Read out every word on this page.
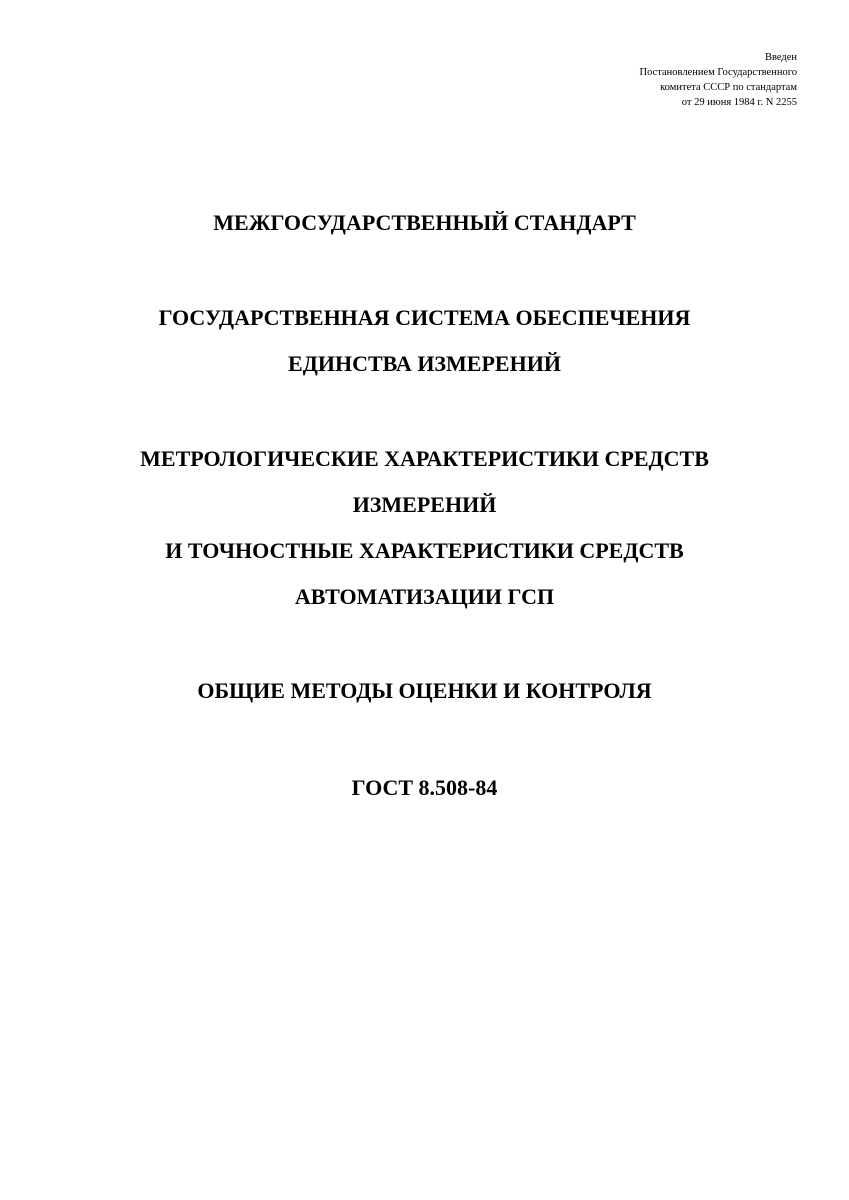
Введен
Постановлением Государственного
комитета СССР по стандартам
от 29 июня 1984 г. N 2255
МЕЖГОСУДАРСТВЕННЫЙ СТАНДАРТ
ГОСУДАРСТВЕННАЯ СИСТЕМА ОБЕСПЕЧЕНИЯ
ЕДИНСТВА ИЗМЕРЕНИЙ
МЕТРОЛОГИЧЕСКИЕ ХАРАКТЕРИСТИКИ СРЕДСТВ
ИЗМЕРЕНИЙ
И ТОЧНОСТНЫЕ ХАРАКТЕРИСТИКИ СРЕДСТВ
АВТОМАТИЗАЦИИ ГСП
ОБЩИЕ МЕТОДЫ ОЦЕНКИ И КОНТРОЛЯ
ГОСТ 8.508-84
